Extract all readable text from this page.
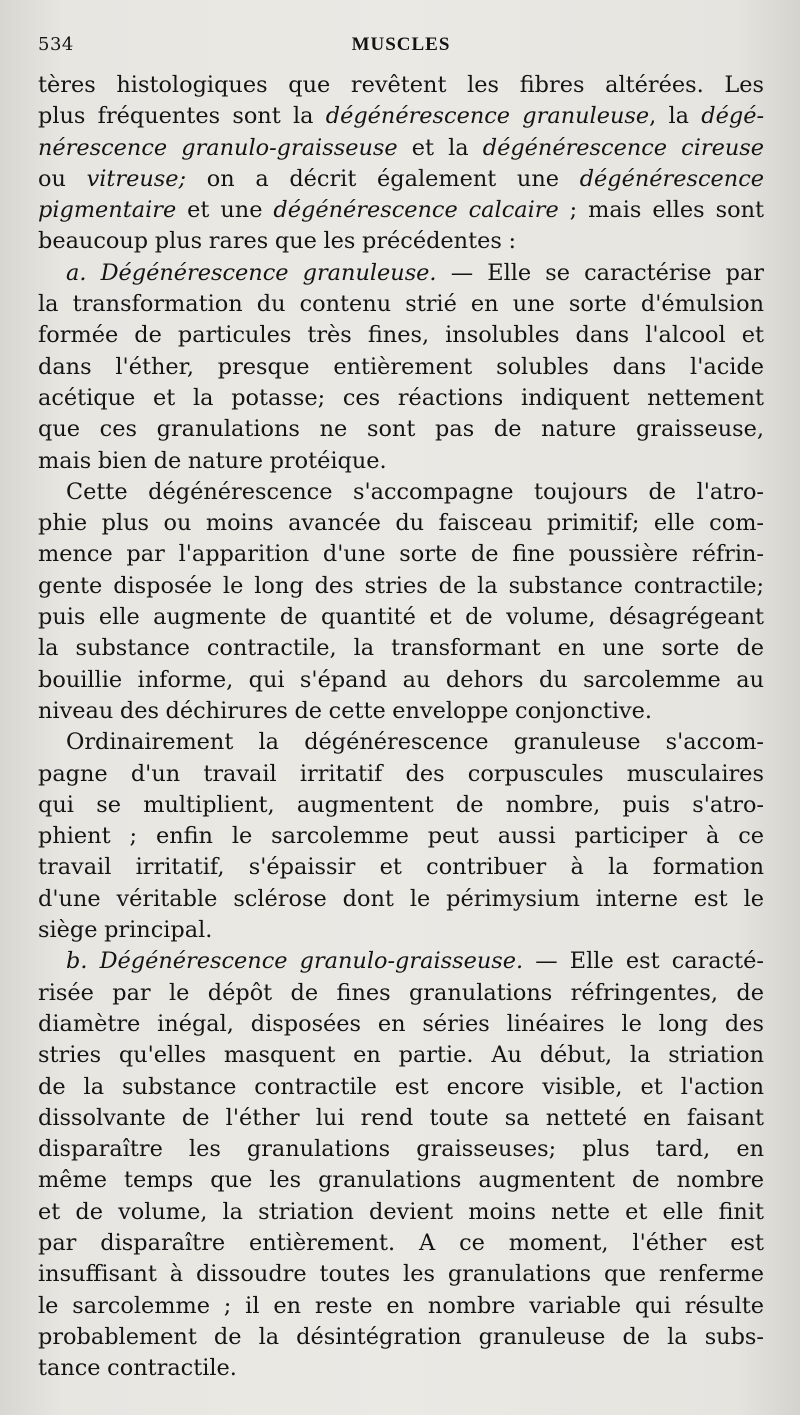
534	MUSCLES
tères histologiques que revêtent les fibres altérées. Les
plus fréquentes sont la dégénérescence granuleuse, la dégé-
nérescence granulo-graisseuse et la dégénérescence cireuse
ou vitreuse; on a décrit également une dégénérescence
pigmentaire et une dégénérescence calcaire ; mais elles sont
beaucoup plus rares que les précédentes :
a. Dégénérescence granuleuse. — Elle se caractérise par
la transformation du contenu strié en une sorte d'émulsion
formée de particules très fines, insolubles dans l'alcool et
dans l'éther, presque entièrement solubles dans l'acide
acétique et la potasse; ces réactions indiquent nettement
que ces granulations ne sont pas de nature graisseuse,
mais bien de nature protéique.
Cette dégénérescence s'accompagne toujours de l'atro-
phie plus ou moins avancée du faisceau primitif; elle com-
mence par l'apparition d'une sorte de fine poussière réfrin-
gente disposée le long des stries de la substance contractile;
puis elle augmente de quantité et de volume, désagrégeant
la substance contractile, la transformant en une sorte de
bouillie informe, qui s'épand au dehors du sarcolemme au
niveau des déchirures de cette enveloppe conjonctive.
Ordinairement la dégénérescence granuleuse s'accom-
pagne d'un travail irritatif des corpuscules musculaires
qui se multiplient, augmentent de nombre, puis s'atro-
phient ; enfin le sarcolemme peut aussi participer à ce
travail irritatif, s'épaissir et contribuer à la formation
d'une véritable sclérose dont le périmysium interne est le
siège principal.
b. Dégénérescence granulo-graisseuse. — Elle est caracté-
risée par le dépôt de fines granulations réfringentes, de
diamètre inégal, disposées en séries linéaires le long des
stries qu'elles masquent en partie. Au début, la striation
de la substance contractile est encore visible, et l'action
dissolvante de l'éther lui rend toute sa netteté en faisant
disparaître les granulations graisseuses; plus tard, en
même temps que les granulations augmentent de nombre
et de volume, la striation devient moins nette et elle finit
par disparaître entièrement. A ce moment, l'éther est
insuffisant à dissoudre toutes les granulations que renferme
le sarcolemme ; il en reste en nombre variable qui résulte
probablement de la désintégration granuleuse de la subs-
tance contractile.
